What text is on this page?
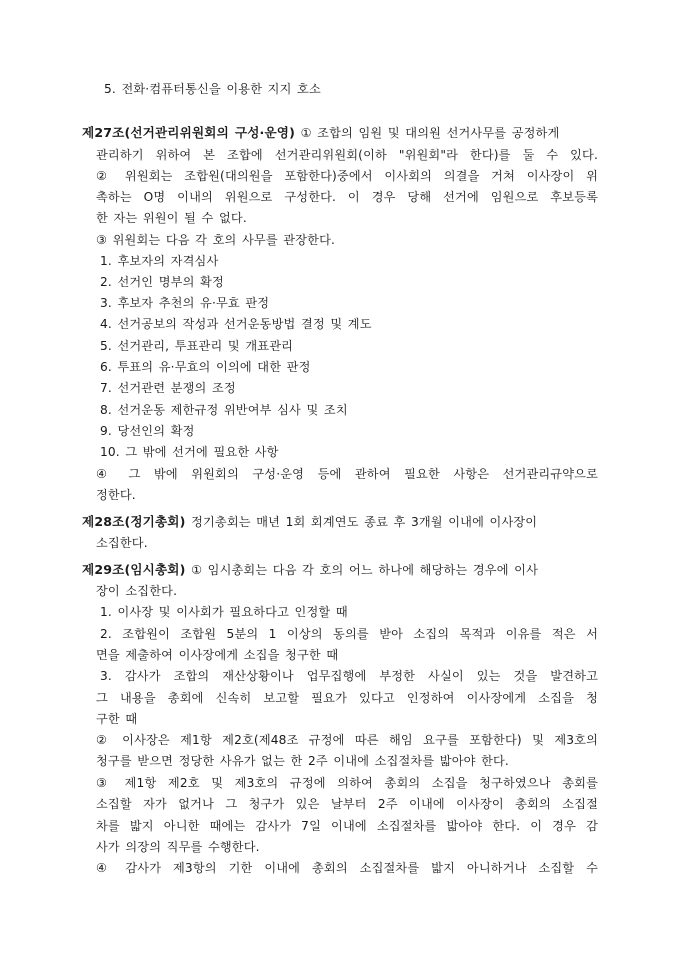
5. 전화·컴퓨터통신을 이용한 지지 호소
제27조(선거관리위원회의 구성·운영) ① 조합의 임원 및 대의원 선거사무를 공정하게
관리하기 위하여 본 조합에 선거관리위원회(이하 "위원회"라 한다)를 둘 수 있다.
② 위원회는 조합원(대의원을 포함한다)중에서 이사회의 의결을 거쳐 이사장이 위
촉하는 O명 이내의 위원으로 구성한다. 이 경우 당해 선거에 임원으로 후보등록
한 자는 위원이 될 수 없다.
③ 위원회는 다음 각 호의 사무를 관장한다.
1. 후보자의 자격심사
2. 선거인 명부의 확정
3. 후보자 추천의 유·무효 판정
4. 선거공보의 작성과 선거운동방법 결정 및 계도
5. 선거관리, 투표관리 및 개표관리
6. 투표의 유·무효의 이의에 대한 판정
7. 선거관련 분쟁의 조정
8. 선거운동 제한규정 위반여부 심사 및 조치
9. 당선인의 확정
10. 그 밖에 선거에 필요한 사항
④ 그 밖에 위원회의 구성·운영 등에 관하여 필요한 사항은 선거관리규약으로
정한다.
제28조(정기총회) 정기총회는 매년 1회 회계연도 종료 후 3개월 이내에 이사장이
소집한다.
제29조(임시총회) ① 임시총회는 다음 각 호의 어느 하나에 해당하는 경우에 이사
장이 소집한다.
1. 이사장 및 이사회가 필요하다고 인정할 때
2. 조합원이 조합원 5분의 1 이상의 동의를 받아 소집의 목적과 이유를 적은 서
면을 제출하여 이사장에게 소집을 청구한 때
3. 감사가 조합의 재산상황이나 업무집행에 부정한 사실이 있는 것을 발견하고
그 내용을 총회에 신속히 보고할 필요가 있다고 인정하여 이사장에게 소집을 청
구한 때
② 이사장은 제1항 제2호(제48조 규정에 따른 해임 요구를 포함한다) 및 제3호의
청구를 받으면 정당한 사유가 없는 한 2주 이내에 소집절차를 밟아야 한다.
③ 제1항 제2호 및 제3호의 규정에 의하여 총회의 소집을 청구하였으나 총회를
소집할 자가 없거나 그 청구가 있은 날부터 2주 이내에 이사장이 총회의 소집절
차를 밟지 아니한 때에는 감사가 7일 이내에 소집절차를 밟아야 한다. 이 경우 감
사가 의장의 직무를 수행한다.
④ 감사가 제3항의 기한 이내에 총회의 소집절차를 밟지 아니하거나 소집할 수
